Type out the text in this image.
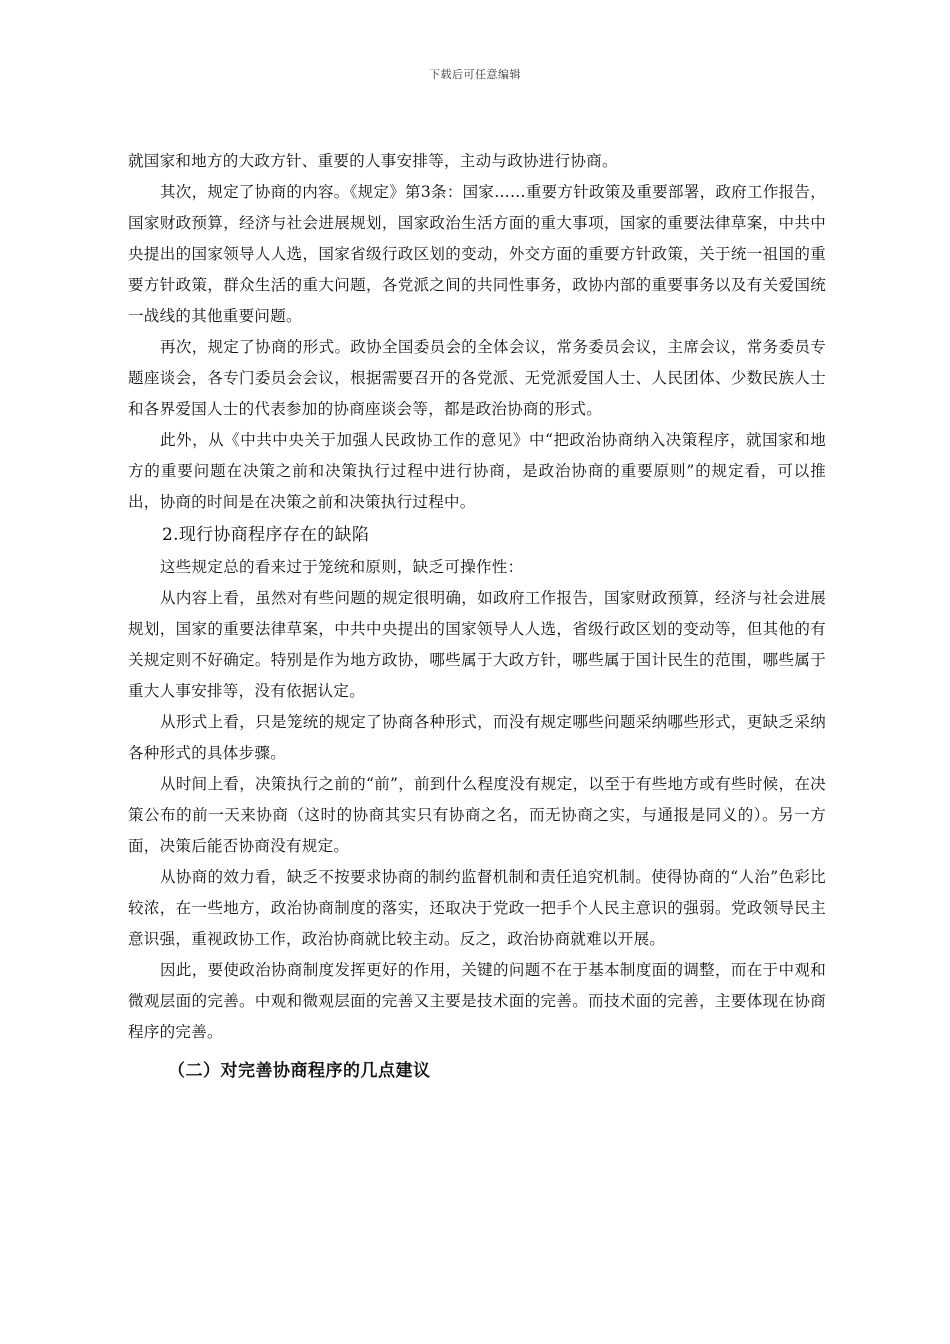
下载后可任意编辑

就国家和地方的大政方针、重要的人事安排等，主动与政协进行协商。

其次，规定了协商的内容。《规定》第3条：国家……重要方针政策及重要部署，政府工作报告，国家财政预算，经济与社会进展规划，国家政治生活方面的重大事项，国家的重要法律草案，中共中央提出的国家领导人人选，国家省级行政区划的变动，外交方面的重要方针政策，关于统一祖国的重要方针政策，群众生活的重大问题，各党派之间的共同性事务，政协内部的重要事务以及有关爱国统一战线的其他重要问题。

再次，规定了协商的形式。政协全国委员会的全体会议，常务委员会议，主席会议，常务委员专题座谈会，各专门委员会会议，根据需要召开的各党派、无党派爱国人士、人民团体、少数民族人士和各界爱国人士的代表参加的协商座谈会等，都是政治协商的形式。

此外，从《中共中央关于加强人民政协工作的意见》中“把政治协商纳入决策程序，就国家和地方的重要问题在决策之前和决策执行过程中进行协商，是政治协商的重要原则”的规定看，可以推出，协商的时间是在决策之前和决策执行过程中。

2.现行协商程序存在的缺陷

这些规定总的看来过于笼统和原则，缺乏可操作性：

从内容上看，虽然对有些问题的规定很明确，如政府工作报告，国家财政预算，经济与社会进展规划，国家的重要法律草案，中共中央提出的国家领导人人选，省级行政区划的变动等，但其他的有关规定则不好确定。特别是作为地方政协，哪些属于大政方针，哪些属于国计民生的范围，哪些属于重大人事安排等，没有依据认定。

从形式上看，只是笼统的规定了协商各种形式，而没有规定哪些问题采纳哪些形式，更缺乏采纳各种形式的具体步骤。

从时间上看，决策执行之前的“前”，前到什么程度没有规定，以至于有些地方或有些时候，在决策公布的前一天来协商（这时的协商其实只有协商之名，而无协商之实，与通报是同义的）。另一方面，决策后能否协商没有规定。

从协商的效力看，缺乏不按要求协商的制约监督机制和责任追究机制。使得协商的“人治”色彩比较浓，在一些地方，政治协商制度的落实，还取决于党政一把手个人民主意识的强弱。党政领导民主意识强，重视政协工作，政治协商就比较主动。反之，政治协商就难以开展。

因此，要使政治协商制度发挥更好的作用，关键的问题不在于基本制度面的调整，而在于中观和微观层面的完善。中观和微观层面的完善又主要是技术面的完善。而技术面的完善，主要体现在协商程序的完善。

（二）对完善协商程序的几点建议
